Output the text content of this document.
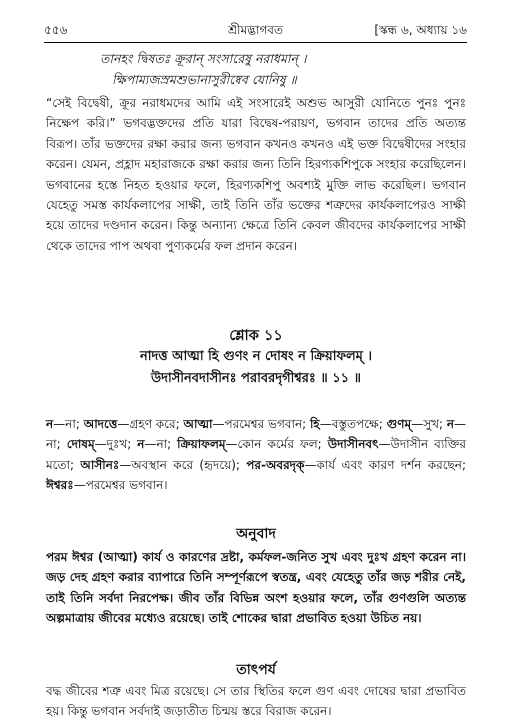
৫৫৬	শ্রীমদ্ভাগবত	[স্কন্ধ ৬, অধ্যায় ১৬
তানহং দ্বিষতঃ ক্রূরান্ সংসারেষু নরাধমান্ ।
ক্ষিপাম্যজস্রমশুভানাসুরীষ্বেব যোনিষু ॥
“সেই বিদ্বেষী, ক্রূর নরাধমদের আমি এই সংসারেই অশুভ আসুরী যোনিতে পুনঃ পুনঃ নিক্ষেপ করি।” ভগবদ্ভক্তদের প্রতি যারা বিদ্বেষ-পরায়ণ, ভগবান তাদের প্রতি অত্যন্ত বিরূপ। তাঁর ভক্তদের রক্ষা করার জন্য ভগবান কখনও কখনও এই ভক্ত বিদ্বেষীদের সংহার করেন। যেমন, প্রহ্লাদ মহারাজকে রক্ষা করার জন্য তিনি হিরণ্যকশিপুকে সংহার করেছিলেন। ভগবানের হস্তে নিহত হওয়ার ফলে, হিরণ্যকশিপু অবশ্যই মুক্তি লাভ করেছিল। ভগবান যেহেতু সমস্ত কার্যকলাপের সাক্ষী, তাই তিনি তাঁর ভক্তের শত্রুদের কার্যকলাপেরও সাক্ষী হয়ে তাদের দণ্ডদান করেন। কিন্তু অন্যান্য ক্ষেত্রে তিনি কেবল জীবদের কার্যকলাপের সাক্ষী থেকে তাদের পাপ অথবা পুণ্যকর্মের ফল প্রদান করেন।
শ্লোক ১১
নাদত্ত আত্মা হি গুণং ন দোষং ন ক্রিয়াফলম্ ।
উদাসীনবদাসীনঃ পরাবরদৃগীশ্বরঃ ॥ ১১ ॥
ন—না; আদত্তে—গ্রহণ করে; আত্মা—পরমেশ্বর ভগবান; হি—বস্তুতপক্ষে; গুণম্—সুখ; ন—না; দোষম্—দুঃখ; ন—না; ক্রিয়াফলম্—কোন কর্মের ফল; উদাসীনবৎ—উদাসীন ব্যক্তির মতো; আসীনঃ—অবস্থান করে (হৃদয়ে); পর-অবরদৃক্—কার্য এবং কারণ দর্শন করছেন; ঈশ্বরঃ—পরমেশ্বর ভগবান।
অনুবাদ
পরম ঈশ্বর (আত্মা) কার্য ও কারণের দ্রষ্টা, কর্মফল-জনিত সুখ এবং দুঃখ গ্রহণ করেন না। জড় দেহ গ্রহণ করার ব্যাপারে তিনি সম্পূর্ণরূপে স্বতন্ত্র, এবং যেহেতু তাঁর জড় শরীর নেই, তাই তিনি সর্বদা নিরপেক্ষ। জীব তাঁর বিভিন্ন অংশ হওয়ার ফলে, তাঁর গুণগুলি অত্যন্ত অল্পমাত্রায় জীবের মধ্যেও রয়েছে। তাই শোকের দ্বারা প্রভাবিত হওয়া উচিত নয়।
তাৎপর্য
বদ্ধ জীবের শত্রু এবং মিত্র রয়েছে। সে তার স্থিতির ফলে গুণ এবং দোষের দ্বারা প্রভাবিত হয়। কিন্তু ভগবান সর্বদাই জড়াতীত চিন্ময় স্তরে বিরাজ করেন।
